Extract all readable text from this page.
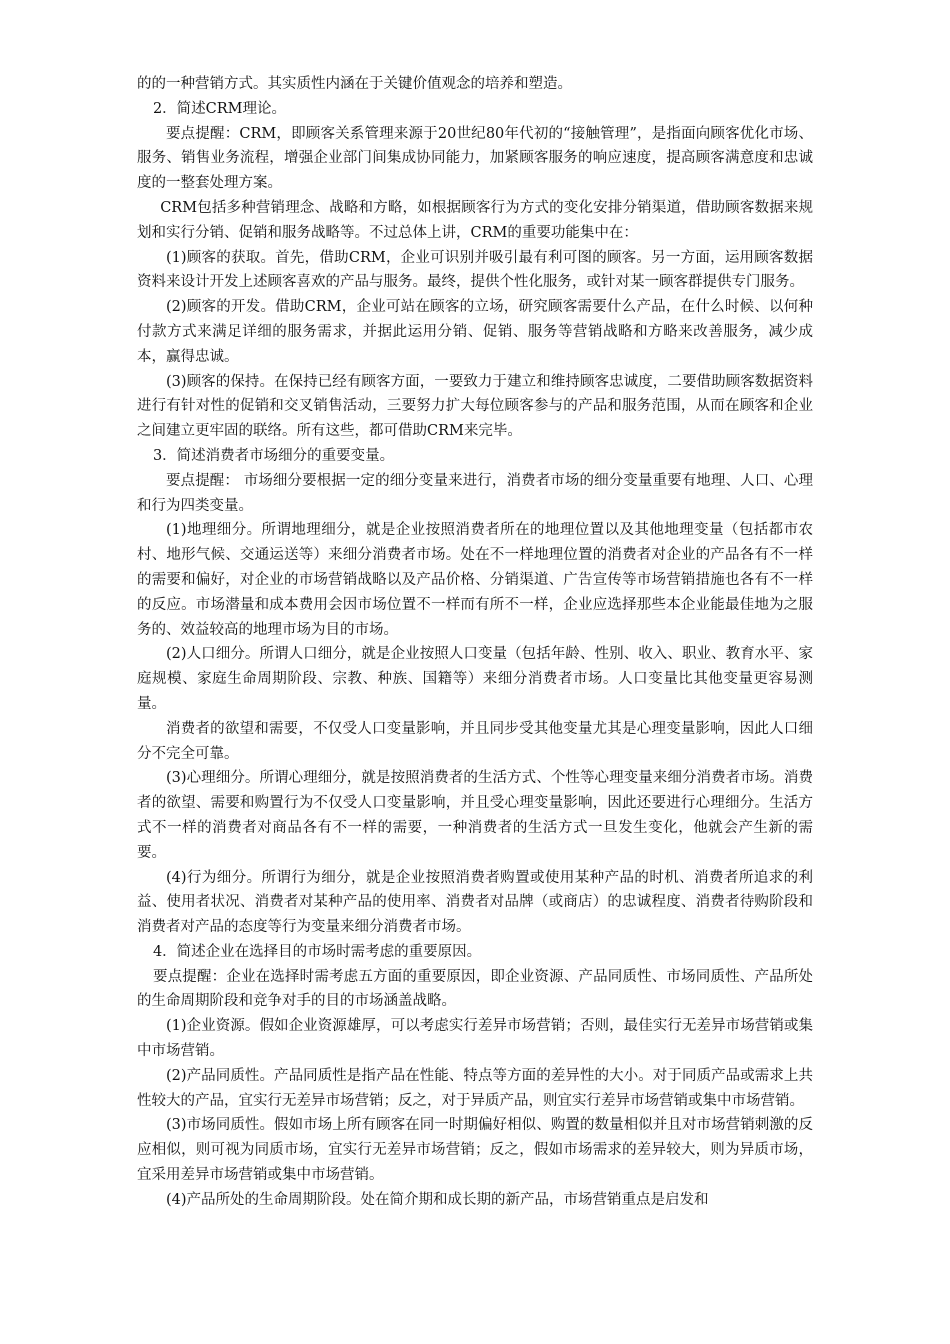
的的一种营销方式。其实质性内涵在于关键价值观念的培养和塑造。

2．简述CRM理论。

要点提醒：CRM，即顾客关系管理来源于20世纪80年代初的“接触管理”，是指面向顾客优化市场、服务、销售业务流程，增强企业部门间集成协同能力，加紧顾客服务的响应速度，提高顾客满意度和忠诚度的一整套处理方案。

CRM包括多种营销理念、战略和方略，如根据顾客行为方式的变化安排分销渠道，借助顾客数据来规划和实行分销、促销和服务战略等。不过总体上讲，CRM的重要功能集中在：

(1)顾客的获取。首先，借助CRM，企业可识别并吸引最有利可图的顾客。另一方面，运用顾客数据资料来设计开发上述顾客喜欢的产品与服务。最终，提供个性化服务，或针对某一顾客群提供专门服务。

(2)顾客的开发。借助CRM，企业可站在顾客的立场，研究顾客需要什么产品，在什么时候、以何种付款方式来满足详细的服务需求，并据此运用分销、促销、服务等营销战略和方略来改善服务，减少成本，赢得忠诚。

(3)顾客的保持。在保持已经有顾客方面，一要致力于建立和维持顾客忠诚度，二要借助顾客数据资料进行有针对性的促销和交叉销售活动，三要努力扩大每位顾客参与的产品和服务范围，从而在顾客和企业之间建立更牢固的联络。所有这些，都可借助CRM来完毕。

3．简述消费者市场细分的重要变量。

要点提醒： 市场细分要根据一定的细分变量来进行，消费者市场的细分变量重要有地理、人口、心理和行为四类变量。

(1)地理细分。所谓地理细分，就是企业按照消费者所在的地理位置以及其他地理变量（包括都市农村、地形气候、交通运送等）来细分消费者市场。处在不一样地理位置的消费者对企业的产品各有不一样的需要和偏好，对企业的市场营销战略以及产品价格、分销渠道、广告宣传等市场营销措施也各有不一样的反应。市场潜量和成本费用会因市场位置不一样而有所不一样，企业应选择那些本企业能最佳地为之服务的、效益较高的地理市场为目的市场。

(2)人口细分。所谓人口细分，就是企业按照人口变量（包括年龄、性别、收入、职业、教育水平、家庭规模、家庭生命周期阶段、宗教、种族、国籍等）来细分消费者市场。人口变量比其他变量更容易测量。

消费者的欲望和需要，不仅受人口变量影响，并且同步受其他变量尤其是心理变量影响，因此人口细分不完全可靠。

(3)心理细分。所谓心理细分，就是按照消费者的生活方式、个性等心理变量来细分消费者市场。消费者的欲望、需要和购置行为不仅受人口变量影响，并且受心理变量影响，因此还要进行心理细分。生活方式不一样的消费者对商品各有不一样的需要，一种消费者的生活方式一旦发生变化，他就会产生新的需要。

(4)行为细分。所谓行为细分，就是企业按照消费者购置或使用某种产品的时机、消费者所追求的利益、使用者状况、消费者对某种产品的使用率、消费者对品牌（或商店）的忠诚程度、消费者待购阶段和消费者对产品的态度等行为变量来细分消费者市场。

4．简述企业在选择目的市场时需考虑的重要原因。

要点提醒：企业在选择时需考虑五方面的重要原因，即企业资源、产品同质性、市场同质性、产品所处的生命周期阶段和竞争对手的目的市场涵盖战略。

(1)企业资源。假如企业资源雄厚，可以考虑实行差异市场营销；否则，最佳实行无差异市场营销或集中市场营销。

(2)产品同质性。产品同质性是指产品在性能、特点等方面的差异性的大小。对于同质产品或需求上共性较大的产品，宜实行无差异市场营销；反之，对于异质产品，则宜实行差异市场营销或集中市场营销。

(3)市场同质性。假如市场上所有顾客在同一时期偏好相似、购置的数量相似并且对市场营销刺激的反应相似，则可视为同质市场，宜实行无差异市场营销；反之，假如市场需求的差异较大，则为异质市场，宜采用差异市场营销或集中市场营销。

(4)产品所处的生命周期阶段。处在简介期和成长期的新产品，市场营销重点是启发和
